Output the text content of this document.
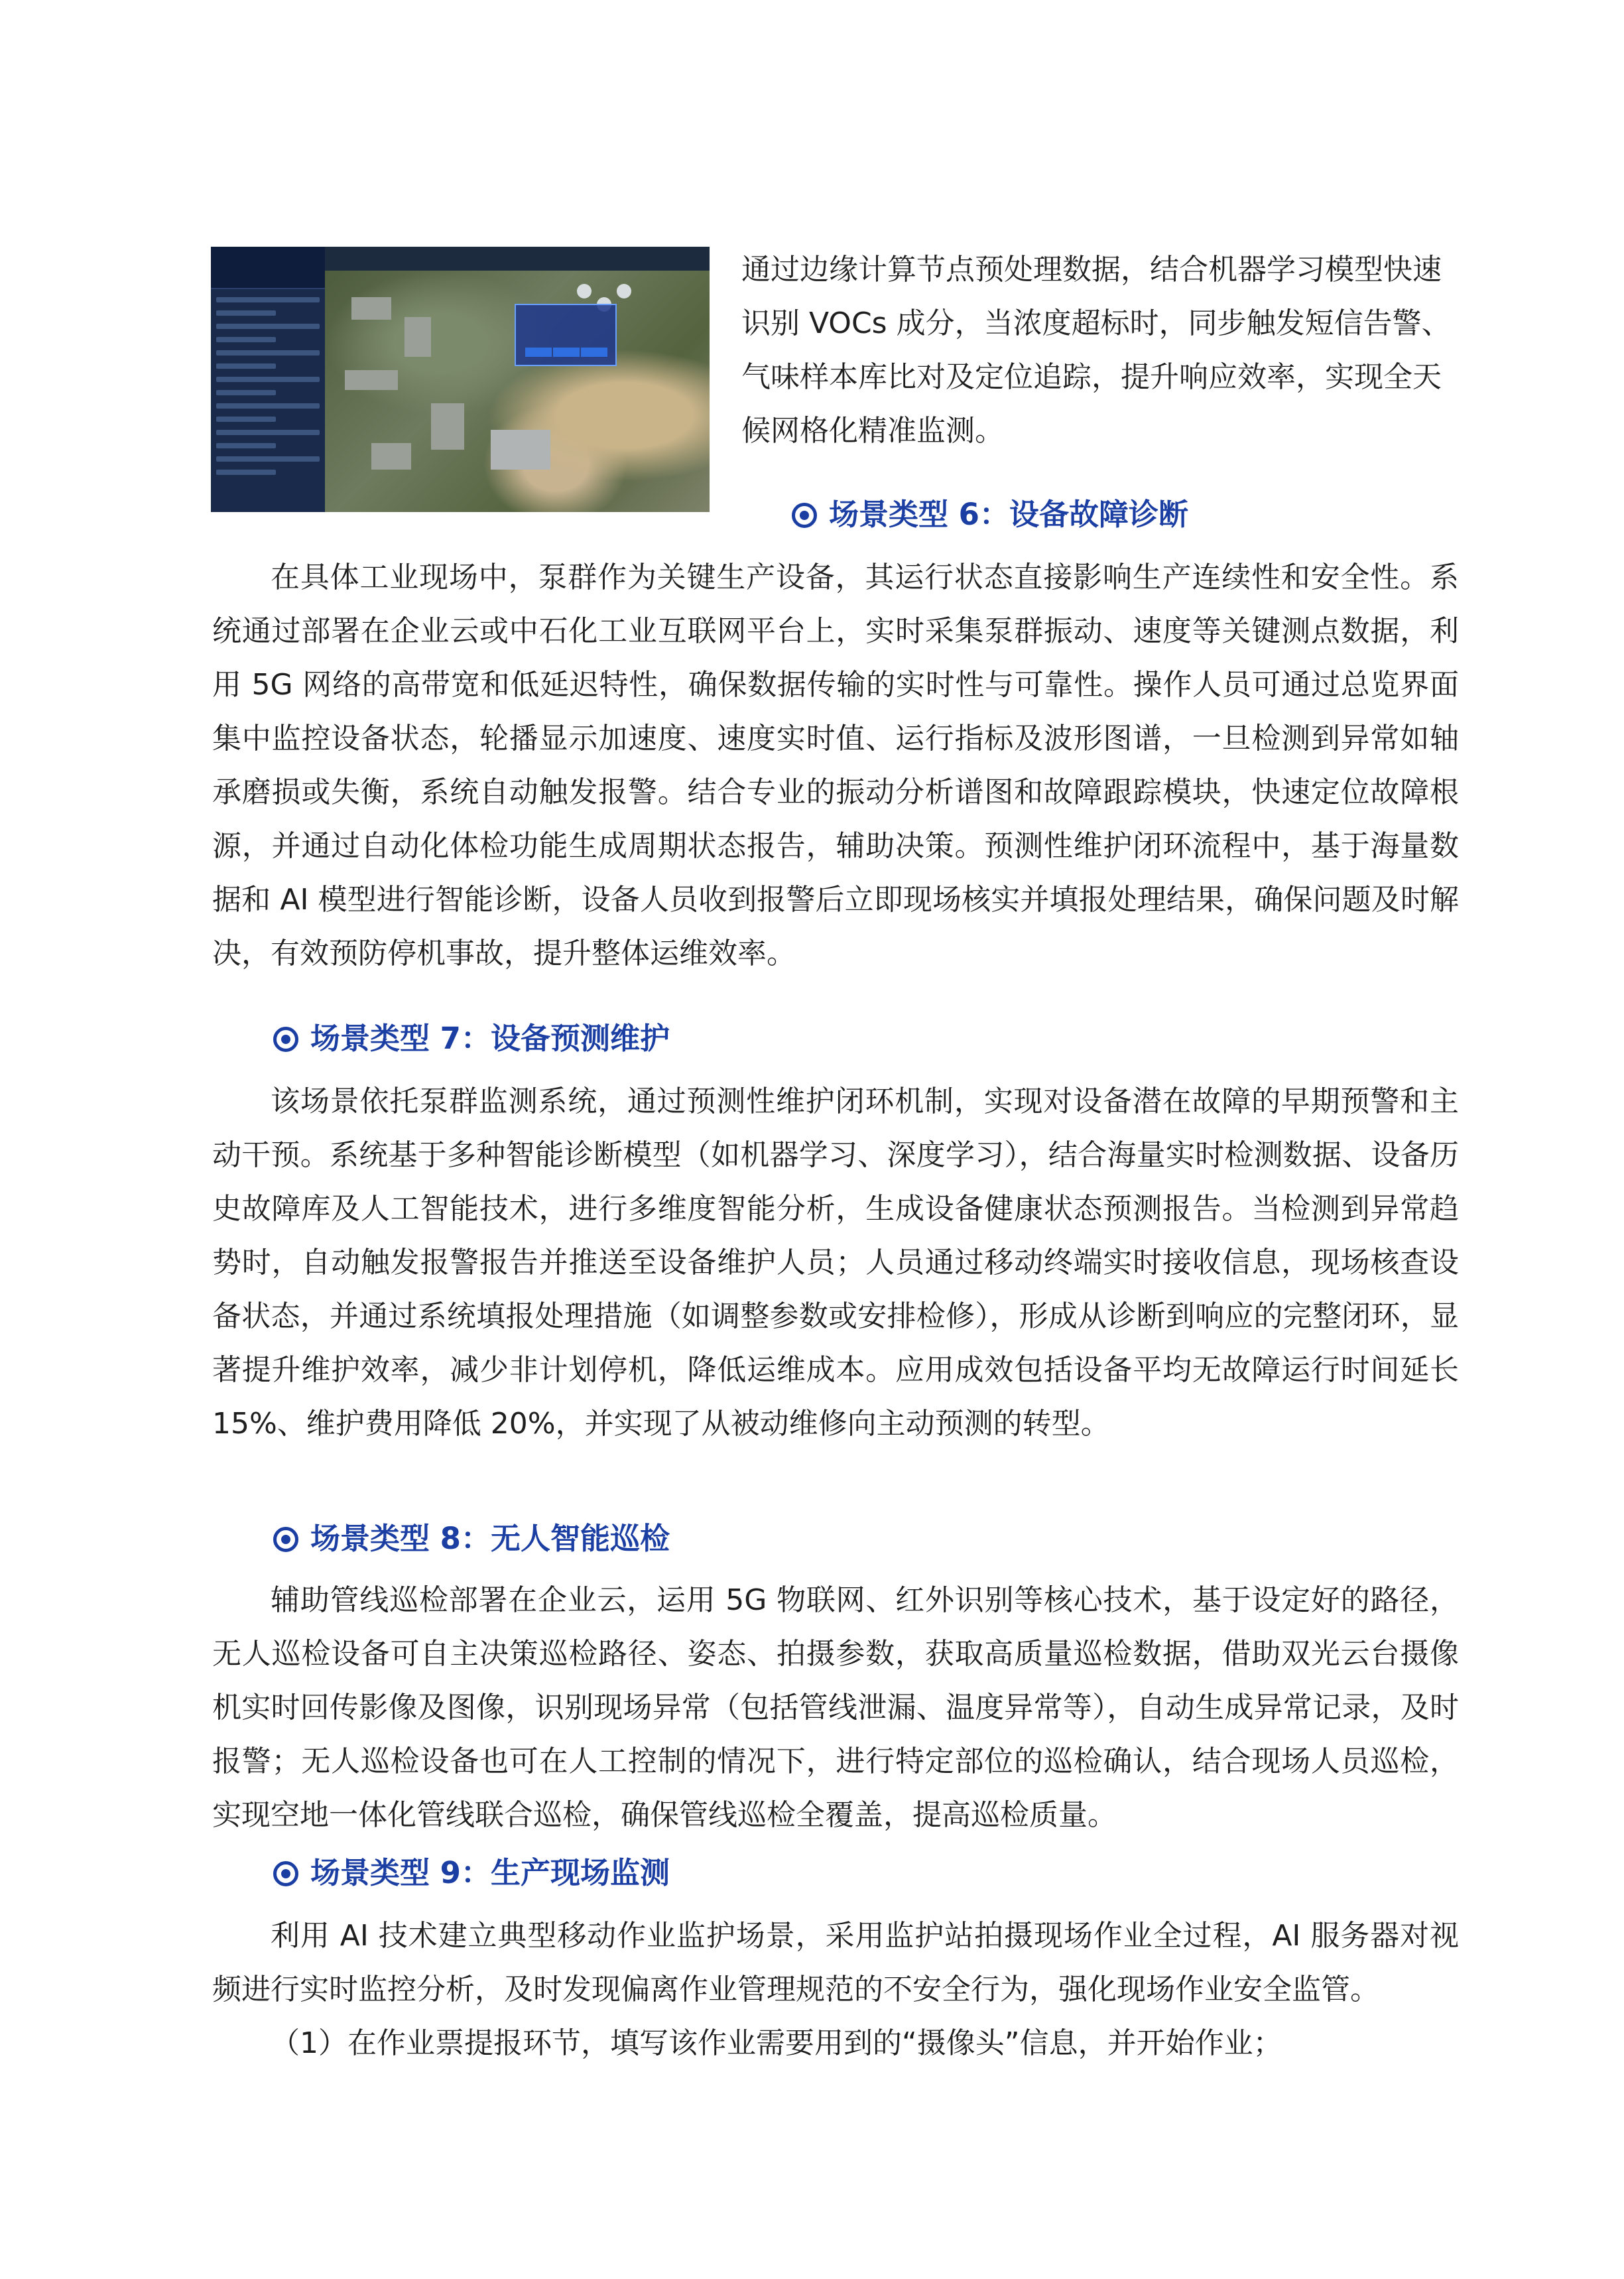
通过边缘计算节点预处理数据，结合机器学习模型快速
识别 VOCs 成分，当浓度超标时，同步触发短信告警、
气味样本库比对及定位追踪，提升响应效率，实现全天
候网格化精准监测。
场景类型 6：设备故障诊断

在具体工业现场中，泵群作为关键生产设备，其运行状态直接影响生产连续性和安全性。系统通过部署在企业云或中石化工业互联网平台上，实时采集泵群振动、速度等关键测点数据，利用 5G 网络的高带宽和低延迟特性，确保数据传输的实时性与可靠性。操作人员可通过总览界面集中监控设备状态，轮播显示加速度、速度实时值、运行指标及波形图谱，一旦检测到异常如轴承磨损或失衡，系统自动触发报警。结合专业的振动分析谱图和故障跟踪模块，快速定位故障根源，并通过自动化体检功能生成周期状态报告，辅助决策。预测性维护闭环流程中，基于海量数据和 AI 模型进行智能诊断，设备人员收到报警后立即现场核实并填报处理结果，确保问题及时解决，有效预防停机事故，提升整体运维效率。

场景类型 7：设备预测维护

该场景依托泵群监测系统，通过预测性维护闭环机制，实现对设备潜在故障的早期预警和主动干预。系统基于多种智能诊断模型（如机器学习、深度学习），结合海量实时检测数据、设备历史故障库及人工智能技术，进行多维度智能分析，生成设备健康状态预测报告。当检测到异常趋势时，自动触发报警报告并推送至设备维护人员；人员通过移动终端实时接收信息，现场核查设备状态，并通过系统填报处理措施（如调整参数或安排检修），形成从诊断到响应的完整闭环，显著提升维护效率，减少非计划停机，降低运维成本。应用成效包括设备平均无故障运行时间延长 15%、维护费用降低 20%，并实现了从被动维修向主动预测的转型。

场景类型 8：无人智能巡检

辅助管线巡检部署在企业云，运用 5G 物联网、红外识别等核心技术，基于设定好的路径，无人巡检设备可自主决策巡检路径、姿态、拍摄参数，获取高质量巡检数据，借助双光云台摄像机实时回传影像及图像，识别现场异常（包括管线泄漏、温度异常等），自动生成异常记录，及时报警；无人巡检设备也可在人工控制的情况下，进行特定部位的巡检确认，结合现场人员巡检，实现空地一体化管线联合巡检，确保管线巡检全覆盖，提高巡检质量。

场景类型 9：生产现场监测

利用 AI 技术建立典型移动作业监护场景，采用监护站拍摄现场作业全过程，AI 服务器对视频进行实时监控分析，及时发现偏离作业管理规范的不安全行为，强化现场作业安全监管。

（1）在作业票提报环节，填写该作业需要用到的“摄像头”信息，并开始作业；
